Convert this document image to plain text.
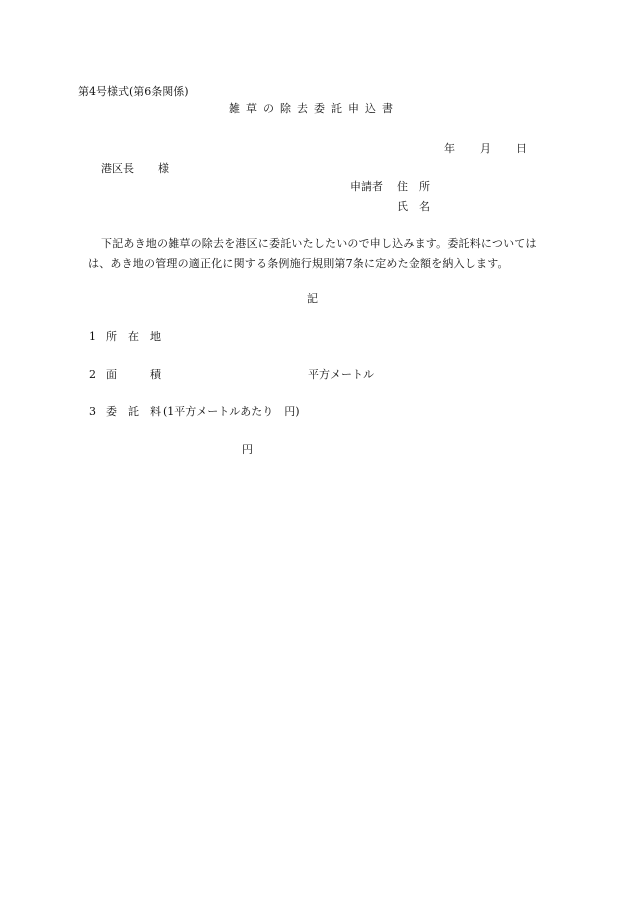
第4号様式(第6条関係)
雑草の除去委託申込書
年 月 日
港区長 様
申請者 住　所
氏　名
下記あき地の雑草の除去を港区に委託いたしたいので申し込みます。委託料については
は、あき地の管理の適正化に関する条例施行規則第7条に定めた金額を納入します。
記
1 所　在　地
2 面　　　積	平方メートル
3 委　託　料 (1平方メートルあたり　円)
円
